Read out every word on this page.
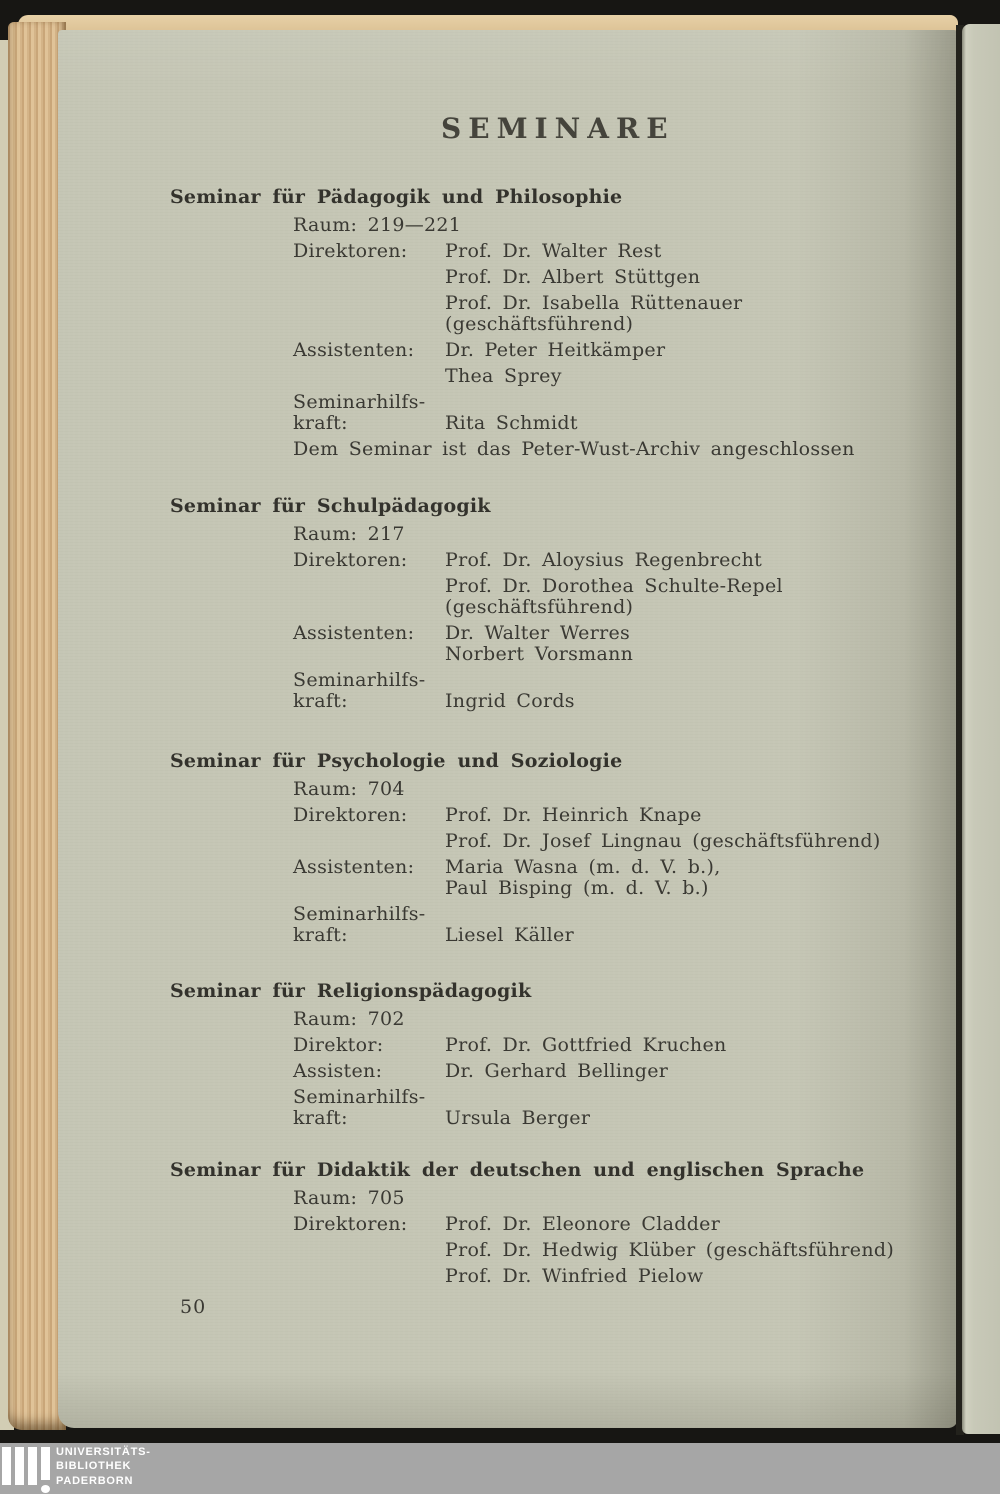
SEMINARE
Seminar für Pädagogik und Philosophie
Raum: 219—221
Direktoren:	Prof. Dr. Walter Rest
Prof. Dr. Albert Stüttgen
Prof. Dr. Isabella Rüttenauer
(geschäftsführend)
Assistenten:	Dr. Peter Heitkämper
Thea Sprey
Seminarhilfs-
kraft:	Rita Schmidt
Dem Seminar ist das Peter-Wust-Archiv angeschlossen
Seminar für Schulpädagogik
Raum: 217
Direktoren:	Prof. Dr. Aloysius Regenbrecht
Prof. Dr. Dorothea Schulte-Repel
(geschäftsführend)
Assistenten:	Dr. Walter Werres
Norbert Vorsmann
Seminarhilfs-
kraft:	Ingrid Cords
Seminar für Psychologie und Soziologie
Raum: 704
Direktoren:	Prof. Dr. Heinrich Knape
Prof. Dr. Josef Lingnau (geschäftsführend)
Assistenten:	Maria Wasna (m. d. V. b.),
Paul Bisping (m. d. V. b.)
Seminarhilfs-
kraft:	Liesel Käller
Seminar für Religionspädagogik
Raum: 702
Direktor:	Prof. Dr. Gottfried Kruchen
Assisten:	Dr. Gerhard Bellinger
Seminarhilfs-
kraft:	Ursula Berger
Seminar für Didaktik der deutschen und englischen Sprache
Raum: 705
Direktoren:	Prof. Dr. Eleonore Cladder
Prof. Dr. Hedwig Klüber (geschäftsführend)
Prof. Dr. Winfried Pielow
50
UNIVERSITÄTS-
BIBLIOTHEK
PADERBORN
